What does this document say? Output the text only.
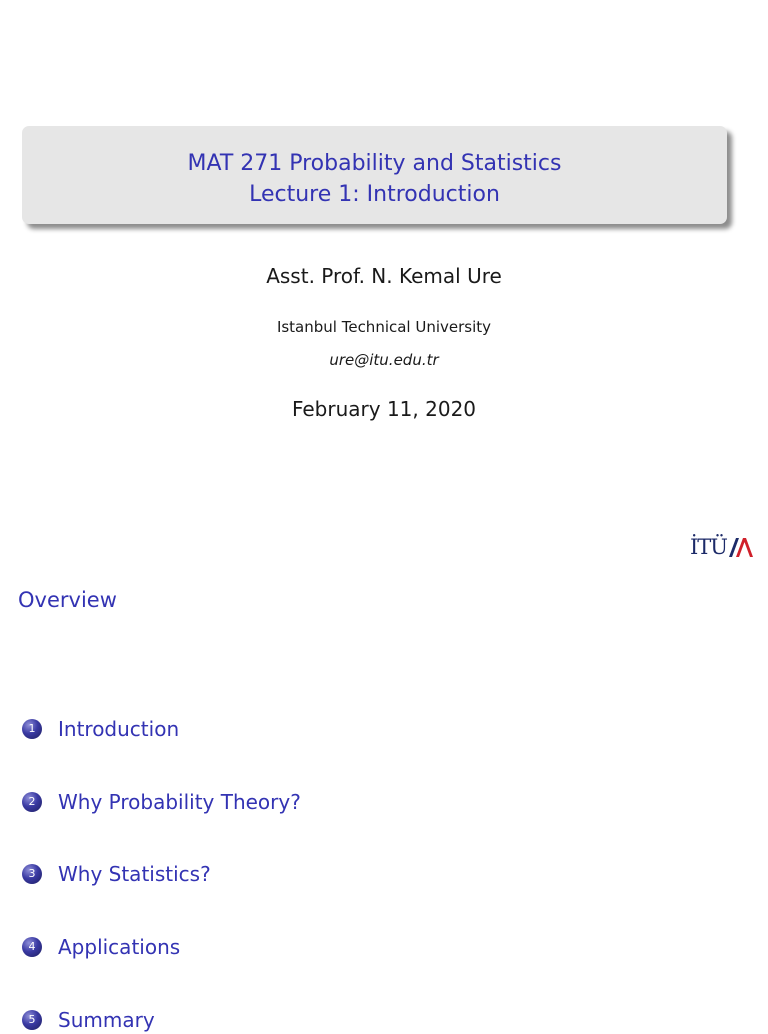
MAT 271 Probability and Statistics
Lecture 1: Introduction
Asst. Prof. N. Kemal Ure
Istanbul Technical University
ure@itu.edu.tr
February 11, 2020
İTÜ
Overview
1	Introduction
2	Why Probability Theory?
3	Why Statistics?
4	Applications
5	Summary
